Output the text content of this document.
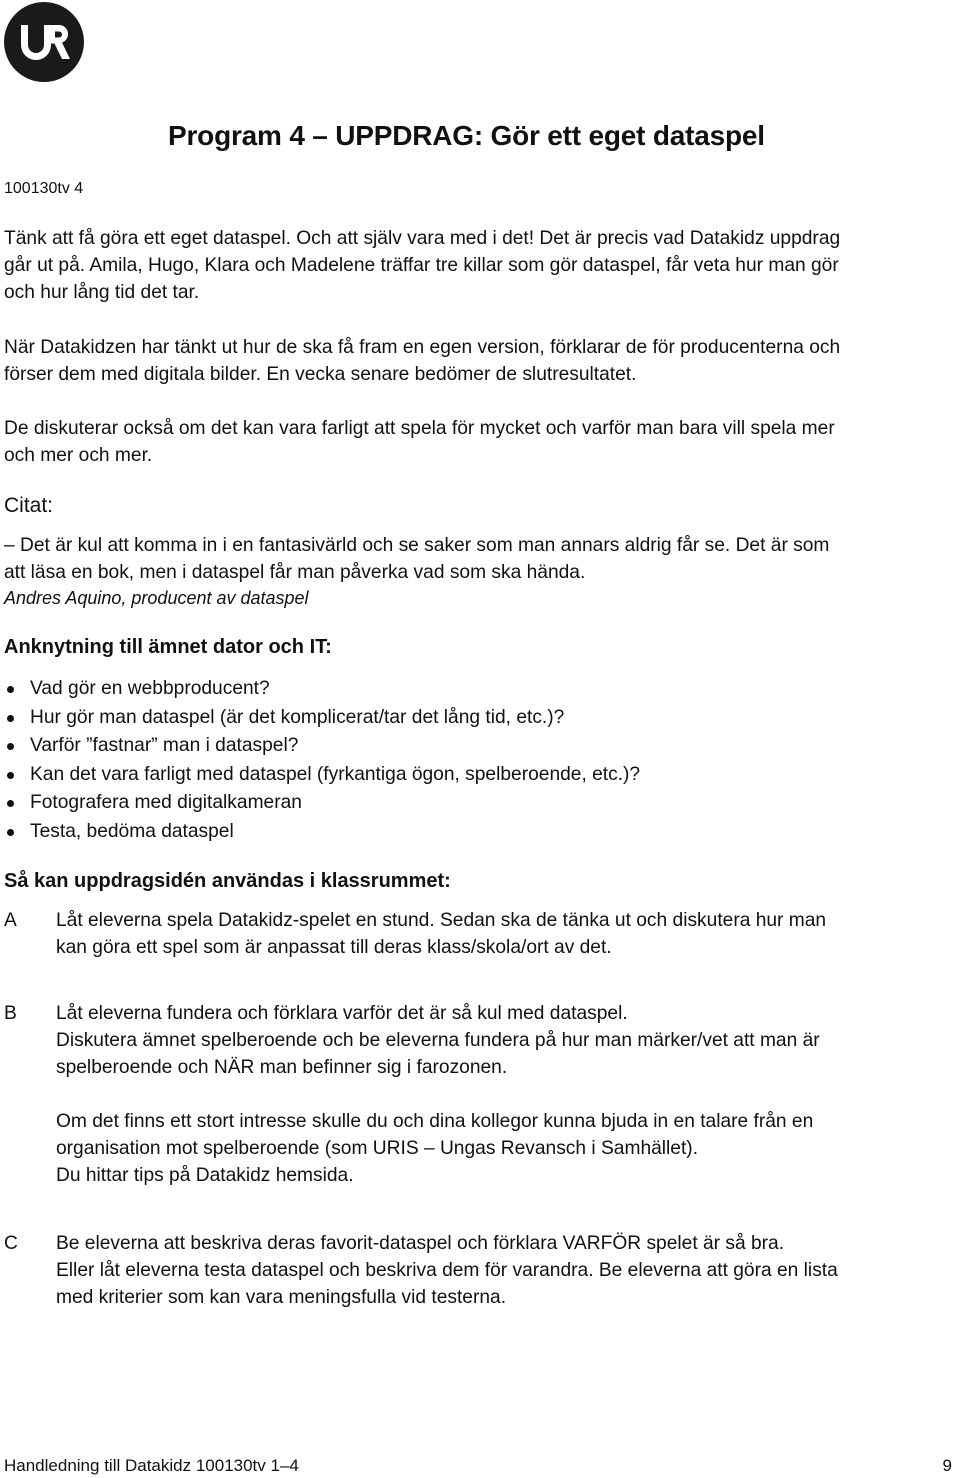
Program 4 – UPPDRAG: Gör ett eget dataspel
100130tv 4
Tänk att få göra ett eget dataspel. Och att själv vara med i det! Det är precis vad Datakidz uppdrag
går ut på. Amila, Hugo, Klara och Madelene träffar tre killar som gör dataspel, får veta hur man gör
och hur lång tid det tar.
När Datakidzen har tänkt ut hur de ska få fram en egen version, förklarar de för producenterna och
förser dem med digitala bilder. En vecka senare bedömer de slutresultatet.
De diskuterar också om det kan vara farligt att spela för mycket och varför man bara vill spela mer
och mer och mer.
Citat:
– Det är kul att komma in i en fantasivärld och se saker som man annars aldrig får se. Det är som
att läsa en bok, men i dataspel får man påverka vad som ska hända.
Andres Aquino, producent av dataspel
Anknytning till ämnet dator och IT:
Vad gör en webbproducent?
Hur gör man dataspel (är det komplicerat/tar det lång tid, etc.)?
Varför ”fastnar” man i dataspel?
Kan det vara farligt med dataspel (fyrkantiga ögon, spelberoende, etc.)?
Fotografera med digitalkameran
Testa, bedöma dataspel
Så kan uppdragsidén användas i klassrummet:
A	Låt eleverna spela Datakidz-spelet en stund. Sedan ska de tänka ut och diskutera hur man
kan göra ett spel som är anpassat till deras klass/skola/ort av det.
B	Låt eleverna fundera och förklara varför det är så kul med dataspel.
Diskutera ämnet spelberoende och be eleverna fundera på hur man märker/vet att man är
spelberoende och NÄR man befinner sig i farozonen.
Om det finns ett stort intresse skulle du och dina kollegor kunna bjuda in en talare från en
organisation mot spelberoende (som URIS – Ungas Revansch i Samhället).
Du hittar tips på Datakidz hemsida.
C	Be eleverna att beskriva deras favorit-dataspel och förklara VARFÖR spelet är så bra.
Eller låt eleverna testa dataspel och beskriva dem för varandra. Be eleverna att göra en lista
med kriterier som kan vara meningsfulla vid testerna.
Handledning till Datakidz 100130tv 1–4	9
